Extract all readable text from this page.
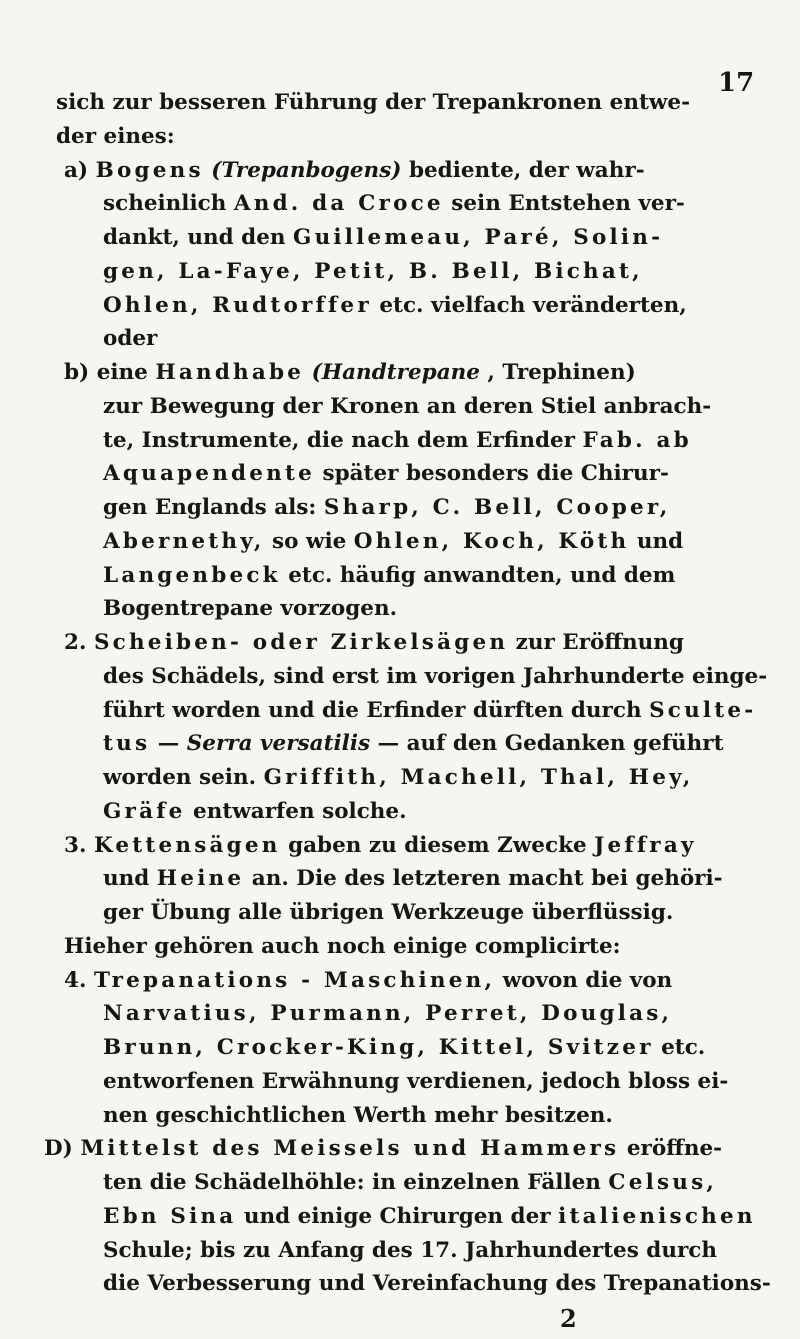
17
sich zur besseren Führung der Trepankronen entwe-
der eines:
a) Bogens (Trepanbogens) bediente, der wahr-
scheinlich And. da Croce sein Entstehen ver-
dankt, und den Guillemeau, Paré, Solin-
gen, La-Faye, Petit, B. Bell, Bichat,
Ohlen, Rudtorffer etc. vielfach veränderten,
oder
b) eine Handhabe (Handtrepane , Trephinen)
zur Bewegung der Kronen an deren Stiel anbrach-
te, Instrumente, die nach dem Erfinder Fab. ab
Aquapendente später besonders die Chirur-
gen Englands als: Sharp, C. Bell, Cooper,
Abernethy, so wie Ohlen, Koch, Köth und
Langenbeck etc. häufig anwandten, und dem
Bogentrepane vorzogen.
2. Scheiben- oder Zirkelsägen zur Eröffnung
des Schädels, sind erst im vorigen Jahrhunderte einge-
führt worden und die Erfinder dürften durch Sculte-
tus — Serra versatilis — auf den Gedanken geführt
worden sein. Griffith, Machell, Thal, Hey,
Gräfe entwarfen solche.
3. Kettensägen gaben zu diesem Zwecke Jeffray
und Heine an. Die des letzteren macht bei gehöri-
ger Übung alle übrigen Werkzeuge überflüssig.
Hieher gehören auch noch einige complicirte:
4. Trepanations - Maschinen, wovon die von
Narvatius, Purmann, Perret, Douglas,
Brunn, Crocker-King, Kittel, Svitzer etc.
entworfenen Erwähnung verdienen, jedoch bloss ei-
nen geschichtlichen Werth mehr besitzen.
D) Mittelst des Meissels und Hammers eröffne-
ten die Schädelhöhle: in einzelnen Fällen Celsus,
Ebn Sina und einige Chirurgen der italienischen
Schule; bis zu Anfang des 17. Jahrhundertes durch
die Verbesserung und Vereinfachung des Trepanations-
2
